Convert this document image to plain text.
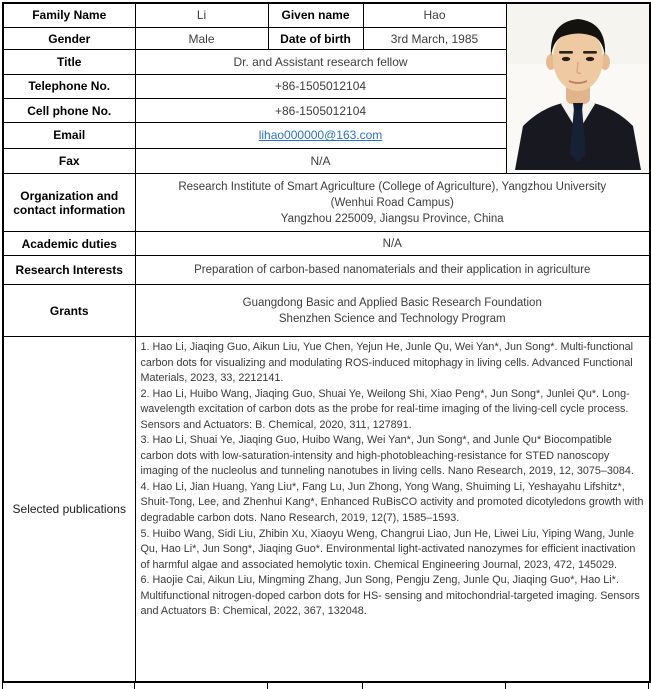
Family Name	Li	Given name	Hao	
Gender	Male	Date of birth	3rd March, 1985	
Title	Dr. and Assistant research fellow			
Telephone No.	+86-1505012104			
Cell phone No.	+86-1505012104			
Email	lihao000000@163.com			
Fax	N/A			
Organization and contact information	Research Institute of Smart Agriculture (College of Agriculture), Yangzhou University
(Wenhui Road Campus)
Yangzhou 225009, Jiangsu Province, China			

Academic duties	N/A			
Research Interests	Preparation of carbon-based nanomaterials and their application in agriculture			
Grants	Guangdong Basic and Applied Basic Research Foundation
Shenzhen Science and Technology Program			

Selected publications	

1. Hao Li, Jiaqing Guo, Aikun Liu, Yue Chen, Yejun He, Junle Qu, Wei Yan*, Jun Song*. Multi-functional carbon dots for visualizing and modulating ROS-induced mitophagy in living cells. Advanced Functional Materials, 2023, 33, 2212141.

2. Hao Li, Huibo Wang, Jiaqing Guo, Shuai Ye, Weilong Shi, Xiao Peng*, Jun Song*, Junlei Qu*. Long-wavelength excitation of carbon dots as the probe for real-time imaging of the living-cell cycle process. Sensors and Actuators: B. Chemical, 2020, 311, 127891.

3. Hao Li, Shuai Ye, Jiaqing Guo, Huibo Wang, Wei Yan*, Jun Song*, and Junle Qu* Biocompatible carbon dots with low-saturation-intensity and high-photobleaching-resistance for STED nanoscopy imaging of the nucleolus and tunneling nanotubes in living cells. Nano Research, 2019, 12, 3075–3084.

4. Hao Li, Jian Huang, Yang Liu*, Fang Lu, Jun Zhong, Yong Wang, Shuiming Li, Yeshayahu Lifshitz*, Shuit-Tong, Lee, and Zhenhui Kang*, Enhanced RuBisCO activity and promoted dicotyledons growth with degradable carbon dots. Nano Research, 2019, 12(7), 1585–1593.

5. Huibo Wang, Sidi Liu, Zhibin Xu, Xiaoyu Weng, Changrui Liao, Jun He, Liwei Liu, Yiping Wang, Junle Qu, Hao Li*, Jun Song*, Jiaqing Guo*. Environmental light-activated nanozymes for efficient inactivation of harmful algae and associated hemolytic toxin. Chemical Engineering Journal, 2023, 472, 145029.

6. Haojie Cai, Aikun Liu, Mingming Zhang, Jun Song, Pengju Zeng, Junle Qu, Jiaqing Guo*, Hao Li*. Multifunctional nitrogen-doped carbon dots for HS- sensing and mitochondrial-targeted imaging. Sensors and Actuators B: Chemical, 2022, 367, 132048.
